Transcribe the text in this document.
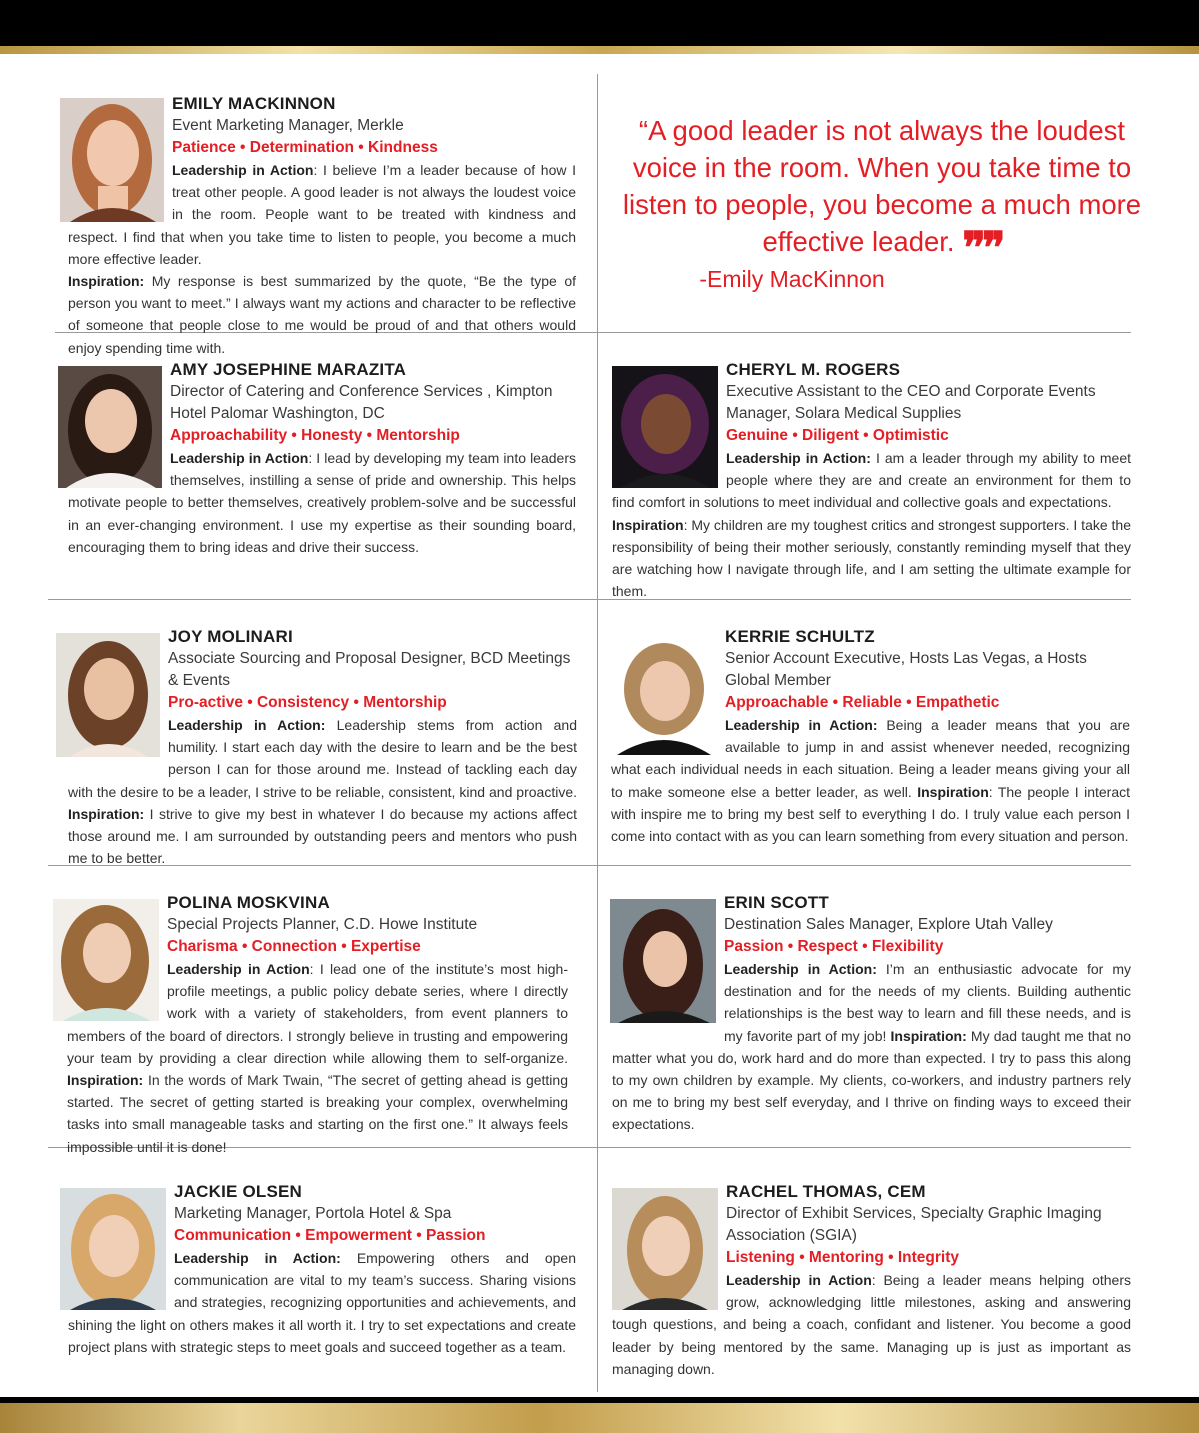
“A good leader is not always the loudest voice in the room. When you take time to listen to people, you become a much more effective leader. ❞❞
-Emily MacKinnon
EMILY MACKINNON
Event Marketing Manager, Merkle
Patience • Determination • Kindness
Leadership in Action: I believe I’m a leader because of how I treat other people. A good leader is not always the loudest voice in the room. People want to be treated with kindness and respect. I find that when you take time to listen to people, you become a much more effective leader.
Inspiration: My response is best summarized by the quote, “Be the type of person you want to meet.” I always want my actions and character to be reflective of someone that people close to me would be proud of and that others would enjoy spending time with.
AMY JOSEPHINE MARAZITA
Director of Catering and Conference Services , Kimpton Hotel Palomar Washington, DC
Approachability • Honesty • Mentorship
Leadership in Action: I lead by developing my team into leaders themselves, instilling a sense of pride and ownership. This helps motivate people to better themselves, creatively problem-solve and be successful in an ever-changing environment. I use my expertise as their sounding board, encouraging them to bring ideas and drive their success.
CHERYL M. ROGERS
Executive Assistant to the CEO and Corporate Events Manager, Solara Medical Supplies
Genuine • Diligent • Optimistic
Leadership in Action: I am a leader through my ability to meet people where they are and create an environment for them to find comfort in solutions to meet individual and collective goals and expectations.
Inspiration: My children are my toughest critics and strongest supporters. I take the responsibility of being their mother seriously, constantly reminding myself that they are watching how I navigate through life, and I am setting the ultimate example for them.
JOY MOLINARI
Associate Sourcing and Proposal Designer, BCD Meetings & Events
Pro-active • Consistency • Mentorship
Leadership in Action: Leadership stems from action and humility. I start each day with the desire to learn and be the best person I can for those around me. Instead of tackling each day with the desire to be a leader, I strive to be reliable, consistent, kind and proactive. Inspiration: I strive to give my best in whatever I do because my actions affect those around me. I am surrounded by outstanding peers and mentors who push me to be better.
KERRIE SCHULTZ
Senior Account Executive, Hosts Las Vegas, a Hosts Global Member
Approachable • Reliable • Empathetic
Leadership in Action: Being a leader means that you are available to jump in and assist whenever needed, recognizing what each individual needs in each situation. Being a leader means giving your all to make someone else a better leader, as well. Inspiration: The people I interact with inspire me to bring my best self to everything I do. I truly value each person I come into contact with as you can learn something from every situation and person.
POLINA MOSKVINA
Special Projects Planner, C.D. Howe Institute
Charisma • Connection • Expertise
Leadership in Action: I lead one of the institute’s most high-profile meetings, a public policy debate series, where I directly work with a variety of stakeholders, from event planners to members of the board of directors. I strongly believe in trusting and empowering your team by providing a clear direction while allowing them to self-organize. Inspiration: In the words of Mark Twain, “The secret of getting ahead is getting started. The secret of getting started is breaking your complex, overwhelming tasks into small manageable tasks and starting on the first one.” It always feels impossible until it is done!
ERIN SCOTT
Destination Sales Manager, Explore Utah Valley
Passion • Respect • Flexibility
Leadership in Action: I’m an enthusiastic advocate for my destination and for the needs of my clients. Building authentic relationships is the best way to learn and fill these needs, and is my favorite part of my job! Inspiration: My dad taught me that no matter what you do, work hard and do more than expected. I try to pass this along to my own children by example. My clients, co-workers, and industry partners rely on me to bring my best self everyday, and I thrive on finding ways to exceed their expectations.
JACKIE OLSEN
Marketing Manager, Portola Hotel & Spa
Communication • Empowerment • Passion
Leadership in Action: Empowering others and open communication are vital to my team’s success. Sharing visions and strategies, recognizing opportunities and achievements, and shining the light on others makes it all worth it. I try to set expectations and create project plans with strategic steps to meet goals and succeed together as a team.
RACHEL THOMAS, CEM
Director of Exhibit Services, Specialty Graphic Imaging Association (SGIA)
Listening • Mentoring • Integrity
Leadership in Action: Being a leader means helping others grow, acknowledging little milestones, asking and answering tough questions, and being a coach, confidant and listener. You become a good leader by being mentored by the same. Managing up is just as important as managing down.
